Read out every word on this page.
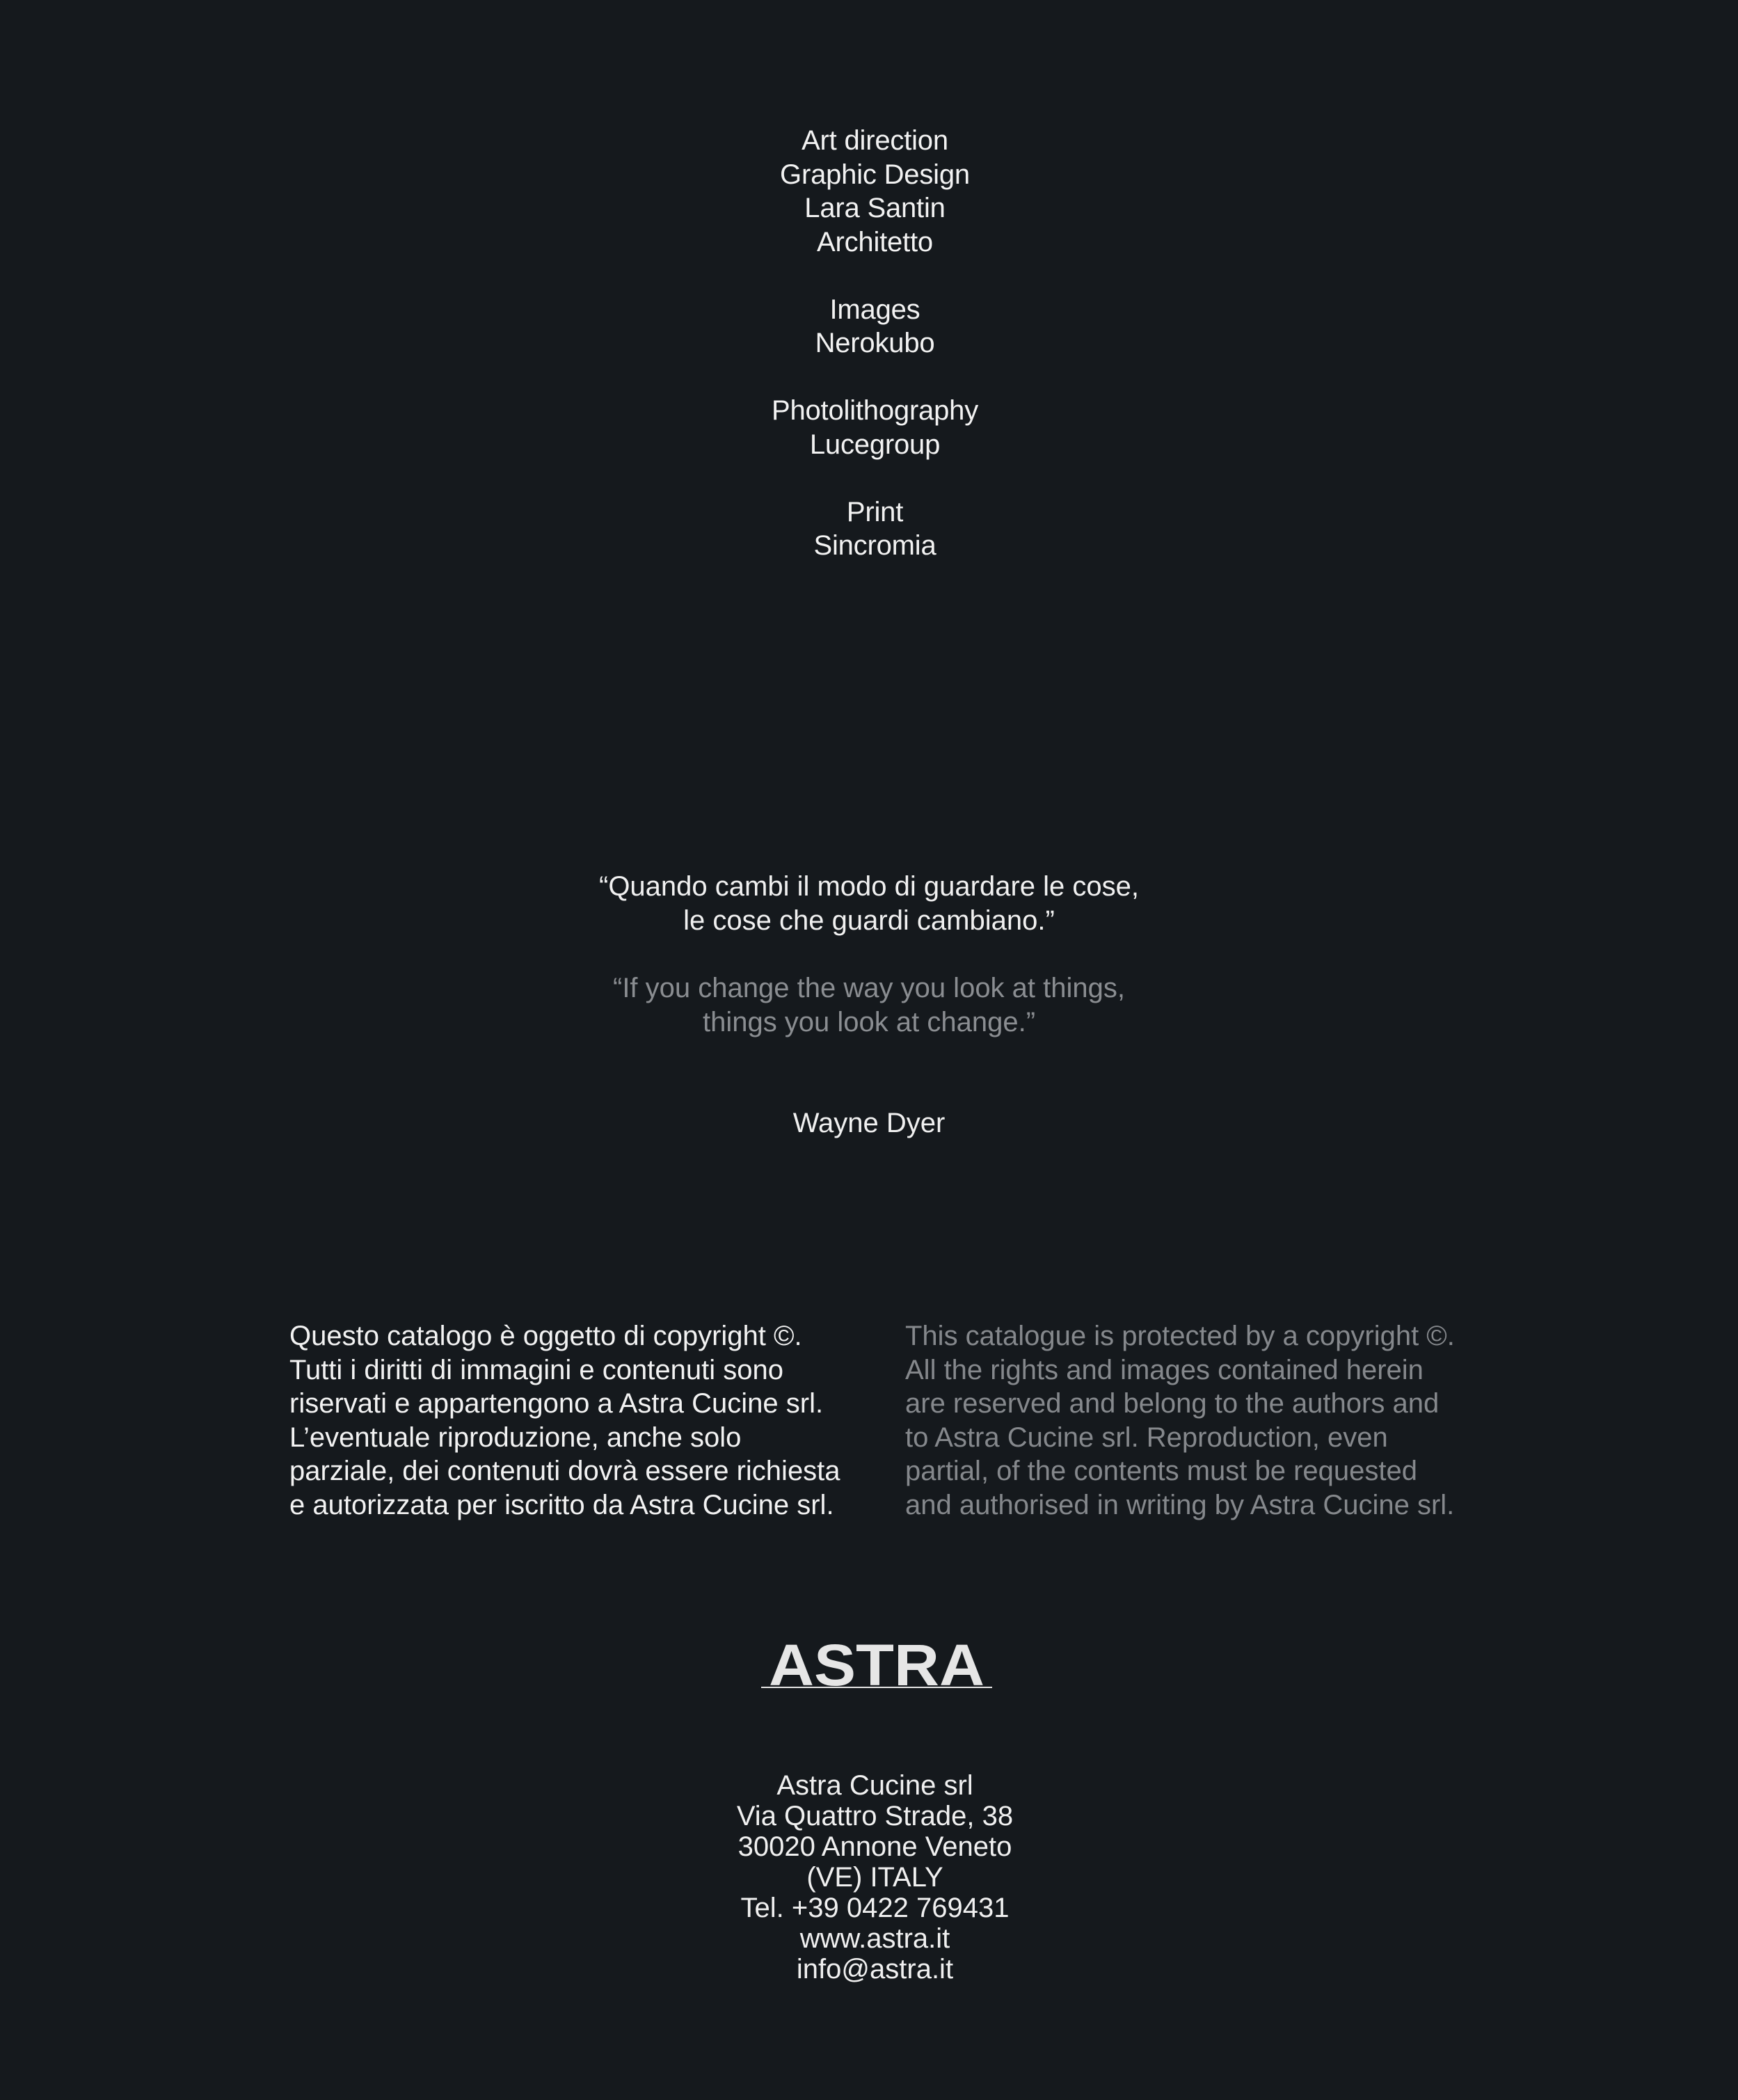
Art direction
Graphic Design
Lara Santin
Architetto
Images
Nerokubo
Photolithography
Lucegroup
Print
Sincromia
“Quando cambi il modo di guardare le cose,
le cose che guardi cambiano.”
“If you change the way you look at things,
things you look at change.”
Wayne Dyer
Questo catalogo è oggetto di copyright ©.
Tutti i diritti di immagini e contenuti sono
riservati e appartengono a Astra Cucine srl.
L’eventuale riproduzione, anche solo
parziale, dei contenuti dovrà essere richiesta
e autorizzata per iscritto da Astra Cucine srl.
This catalogue is protected by a copyright ©.
All the rights and images contained herein
are reserved and belong to the authors and
to Astra Cucine srl. Reproduction, even
partial, of the contents must be requested
and authorised in writing by Astra Cucine srl.
ASTRA
Astra Cucine srl
Via Quattro Strade, 38
30020 Annone Veneto
(VE) ITALY
Tel. +39 0422 769431
www.astra.it
info@astra.it
